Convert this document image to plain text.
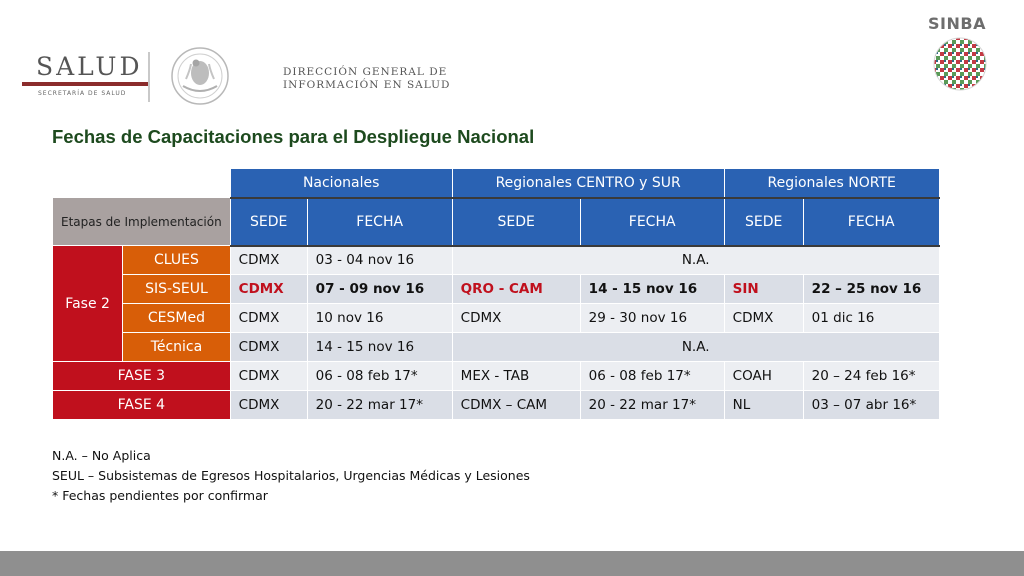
SALUD
SECRETARÍA DE SALUD
DIRECCIÓN GENERAL DE
INFORMACIÓN EN SALUD
SINBA
Fechas de Capacitaciones para el Despliegue Nacional
		Nacionales		Regionales CENTRO y SUR		Regionales NORTE	
Etapas de Implementación		SEDE	FECHA	SEDE	FECHA	SEDE	FECHA
Fase 2	CLUES	CDMX	03 - 04 nov 16	N.A.			
	SIS-SEUL	CDMX	07 - 09 nov 16	QRO - CAM	14 - 15 nov 16	SIN	22 – 25 nov 16
	CESMed	CDMX	10 nov 16	CDMX	29 - 30 nov 16	CDMX	01 dic 16
	Técnica	CDMX	14 - 15 nov 16	N.A.			
FASE 3		CDMX	06 - 08 feb 17*	MEX - TAB	06 - 08 feb 17*	COAH	20 – 24 feb 16*
FASE 4		CDMX	20 - 22 mar 17*	CDMX – CAM	20 - 22 mar 17*	NL	03 – 07 abr 16*
N.A. – No Aplica
SEUL – Subsistemas de Egresos Hospitalarios, Urgencias Médicas y Lesiones
* Fechas pendientes por confirmar
